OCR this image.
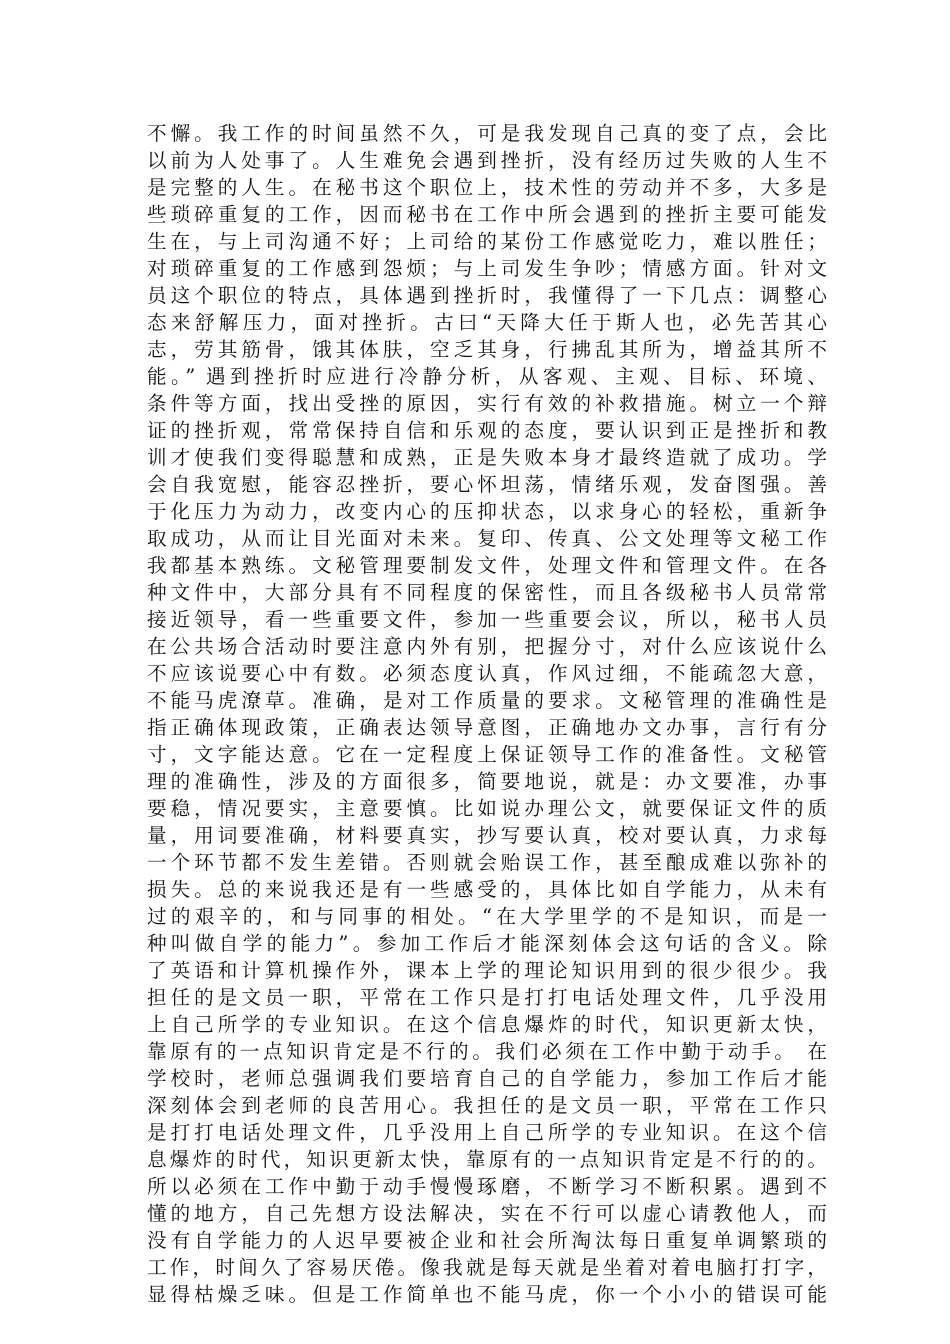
不懈。我工作的时间虽然不久，可是我发现自己真的变了点，会比
以前为人处事了。人生难免会遇到挫折，没有经历过失败的人生不
是完整的人生。在秘书这个职位上，技术性的劳动并不多，大多是
些琐碎重复的工作，因而秘书在工作中所会遇到的挫折主要可能发
生在，与上司沟通不好；上司给的某份工作感觉吃力，难以胜任；
对琐碎重复的工作感到怨烦；与上司发生争吵；情感方面。针对文
员这个职位的特点，具体遇到挫折时，我懂得了一下几点：调整心
态来舒解压力，面对挫折。古曰“天降大任于斯人也，必先苦其心
志，劳其筋骨，饿其体肤，空乏其身，行拂乱其所为，增益其所不
能。” 遇到挫折时应进行冷静分析，从客观、主观、目标、环境、
条件等方面，找出受挫的原因，实行有效的补救措施。树立一个辩
证的挫折观，常常保持自信和乐观的态度，要认识到正是挫折和教
训才使我们变得聪慧和成熟，正是失败本身才最终造就了成功。学
会自我宽慰，能容忍挫折，要心怀坦荡，情绪乐观，发奋图强。善
于化压力为动力，改变内心的压抑状态，以求身心的轻松，重新争
取成功，从而让目光面对未来。复印、传真、公文处理等文秘工作
我都基本熟练。文秘管理要制发文件，处理文件和管理文件。在各
种文件中，大部分具有不同程度的保密性，而且各级秘书人员常常
接近领导，看一些重要文件，参加一些重要会议，所以，秘书人员
在公共场合活动时要注意内外有别，把握分寸，对什么应该说什么
不应该说要心中有数。必须态度认真，作风过细，不能疏忽大意，
不能马虎潦草。准确，是对工作质量的要求。文秘管理的准确性是
指正确体现政策，正确表达领导意图，正确地办文办事，言行有分
寸，文字能达意。它在一定程度上保证领导工作的准备性。文秘管
理的准确性，涉及的方面很多，简要地说，就是：办文要准，办事
要稳，情况要实，主意要慎。比如说办理公文，就要保证文件的质
量，用词要准确，材料要真实，抄写要认真，校对要认真，力求每
一个环节都不发生差错。否则就会贻误工作，甚至酿成难以弥补的
损失。总的来说我还是有一些感受的，具体比如自学能力，从未有
过的艰辛的，和与同事的相处。“在大学里学的不是知识，而是一
种叫做自学的能力”。参加工作后才能深刻体会这句话的含义。除
了英语和计算机操作外，课本上学的理论知识用到的很少很少。我
担任的是文员一职，平常在工作只是打打电话处理文件，几乎没用
上自己所学的专业知识。在这个信息爆炸的时代，知识更新太快，
靠原有的一点知识肯定是不行的。我们必须在工作中勤于动手。 在
学校时，老师总强调我们要培育自己的自学能力，参加工作后才能
深刻体会到老师的良苦用心。我担任的是文员一职，平常在工作只
是打打电话处理文件，几乎没用上自己所学的专业知识。在这个信
息爆炸的时代，知识更新太快，靠原有的一点知识肯定是不行的的。
所以必须在工作中勤于动手慢慢琢磨，不断学习不断积累。遇到不
懂的地方，自己先想方设法解决，实在不行可以虚心请教他人，而
没有自学能力的人迟早要被企业和社会所淘汰每日重复单调繁琐的
工作，时间久了容易厌倦。像我就是每天就是坐着对着电脑打打字，
显得枯燥乏味。但是工作简单也不能马虎，你一个小小的错误可能
